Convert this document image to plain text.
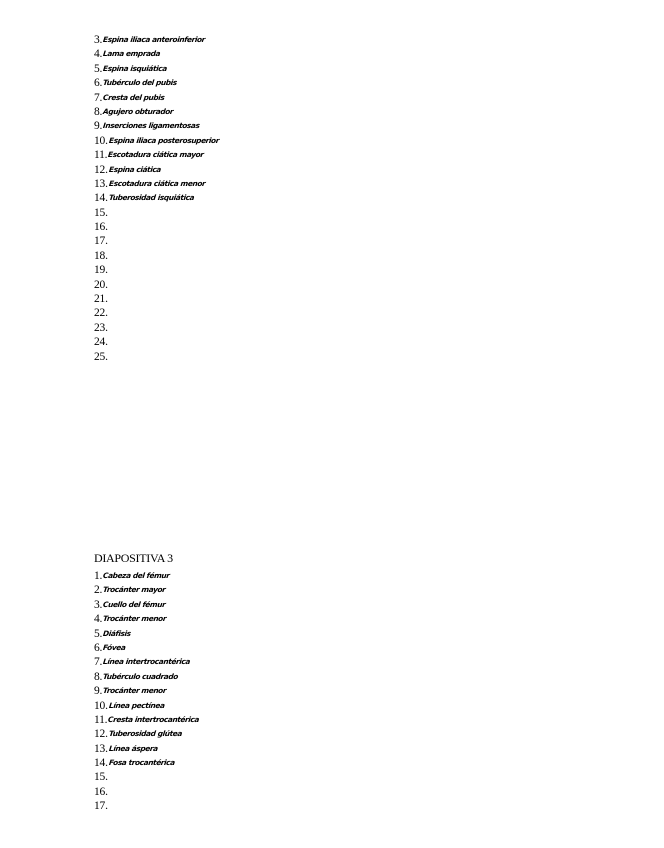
3. Espina iliaca anteroinferior
4. Lama emprada
5. Espina isquiática
6. Tubérculo del pubis
7. Cresta del pubis
8. Agujero obturador
9. Inserciones ligamentosas
10. Espina iliaca posterosuperior
11. Escotadura ciática mayor
12. Espina ciática
13. Escotadura ciática menor
14. Tuberosidad isquiática
15.
16.
17.
18.
19.
20.
21.
22.
23.
24.
25.
DIAPOSITIVA 3
1. Cabeza del fémur
2. Trocánter mayor
3. Cuello del fémur
4. Trocánter menor
5. Diáfisis
6. Fóvea
7. Línea intertrocantérica
8. Tubérculo cuadrado
9. Trocánter menor
10. Línea pectínea
11. Cresta intertrocantérica
12. Tuberosidad glútea
13. Línea áspera
14. Fosa trocantérica
15.
16.
17.
